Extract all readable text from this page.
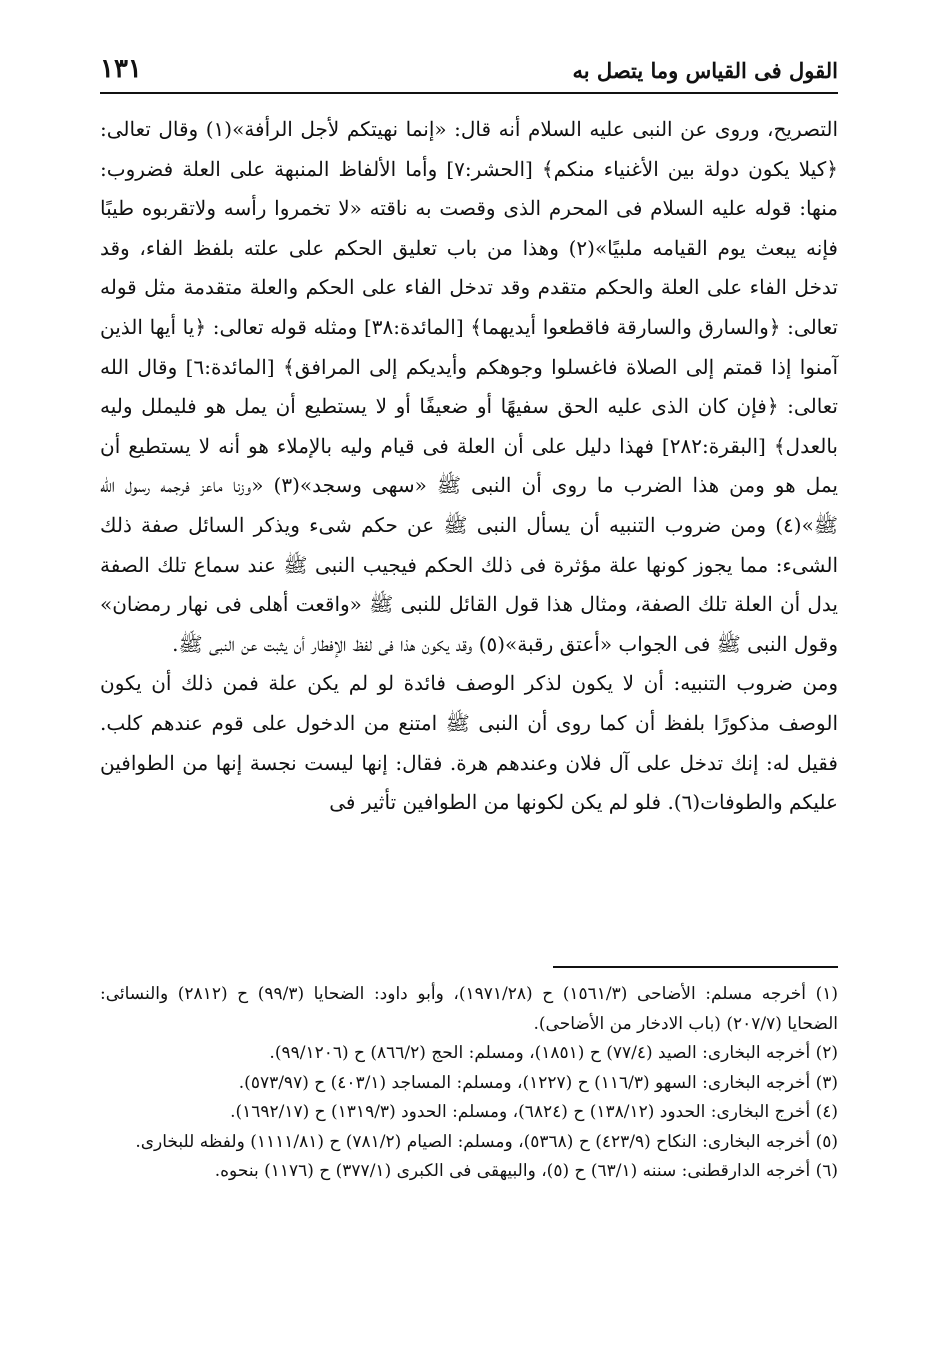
القول فى القياس وما يتصل به
١٣١

التصريح، وروى عن النبى عليه السلام أنه قال: «إنما نهيتكم لأجل الرأفة»(١) وقال تعالى: ﴿كيلا يكون دولة بين الأغنياء منكم﴾ [الحشر:٧] وأما الألفاظ المنبهة على العلة فضروب: منها: قوله عليه السلام فى المحرم الذى وقصت به ناقته «لا تخمروا رأسه ولاتقربوه طيبًا فإنه يبعث يوم القيامه ملبيًا»(٢) وهذا من باب تعليق الحكم على علته بلفظ الفاء، وقد تدخل الفاء على العلة والحكم متقدم وقد تدخل الفاء على الحكم والعلة متقدمة مثل قوله تعالى: ﴿والسارق والسارقة فاقطعوا أيديهما﴾ [المائدة:٣٨] ومثله قوله تعالى: ﴿يا أيها الذين آمنوا إذا قمتم إلى الصلاة فاغسلوا وجوهكم وأيديكم إلى المرافق﴾ [المائدة:٦] وقال الله تعالى: ﴿فإن كان الذى عليه الحق سفيهًا أو ضعيفًا أو لا يستطيع أن يمل هو فليملل وليه بالعدل﴾ [البقرة:٢٨٢] فهذا دليل على أن العلة فى قيام وليه بالإملاء هو أنه لا يستطيع أن يمل هو ومن هذا الضرب ما روى أن النبى ﷺ «سهى وسجد»(٣) «وزنا ماعز فرجمه رسول الله ﷺ»(٤) ومن ضروب التنبيه أن يسأل النبى ﷺ عن حكم شىء ويذكر السائل صفة ذلك الشىء: مما يجوز كونها علة مؤثرة فى ذلك الحكم فيجيب النبى ﷺ عند سماع تلك الصفة يدل أن العلة تلك الصفة، ومثال هذا قول القائل للنبى ﷺ «واقعت أهلى فى نهار رمضان» وقول النبى ﷺ فى الجواب «أعتق رقبة»(٥) وقد يكون هذا فى لفظ الإفطار أن يثبت عن النبى ﷺ.

ومن ضروب التنبيه: أن لا يكون لذكر الوصف فائدة لو لم يكن علة فمن ذلك أن يكون الوصف مذكورًا بلفظ أن كما روى أن النبى ﷺ امتنع من الدخول على قوم عندهم كلب. فقيل له: إنك تدخل على آل فلان وعندهم هرة. فقال: إنها ليست نجسة إنها من الطوافين عليكم والطوفات(٦). فلو لم يكن لكونها من الطوافين تأثير فى

(١) أخرجه مسلم: الأضاحى (١٥٦١/٣) ح (١٩٧١/٢٨)، وأبو داود: الضحايا (٩٩/٣) ح (٢٨١٢) والنسائى: الضحايا (٢٠٧/٧) (باب الادخار من الأضاحى).

(٢) أخرجه البخارى: الصيد (٧٧/٤) ح (١٨٥١)، ومسلم: الحج (٨٦٦/٢) ح (٩٩/١٢٠٦).

(٣) أخرجه البخارى: السهو (١١٦/٣) ح (١٢٢٧)، ومسلم: المساجد (٤٠٣/١) ح (٥٧٣/٩٧).

(٤) أخرج البخارى: الحدود (١٣٨/١٢) ح (٦٨٢٤)، ومسلم: الحدود (١٣١٩/٣) ح (١٦٩٢/١٧).

(٥) أخرجه البخارى: النكاح (٤٢٣/٩) ح (٥٣٦٨)، ومسلم: الصيام (٧٨١/٢) ح (١١١١/٨١) ولفظه للبخارى.

(٦) أخرجه الدارقطنى: سننه (٦٣/١) ح (٥)، والبيهقى فى الكبرى (٣٧٧/١) ح (١١٧٦) بنحوه.
